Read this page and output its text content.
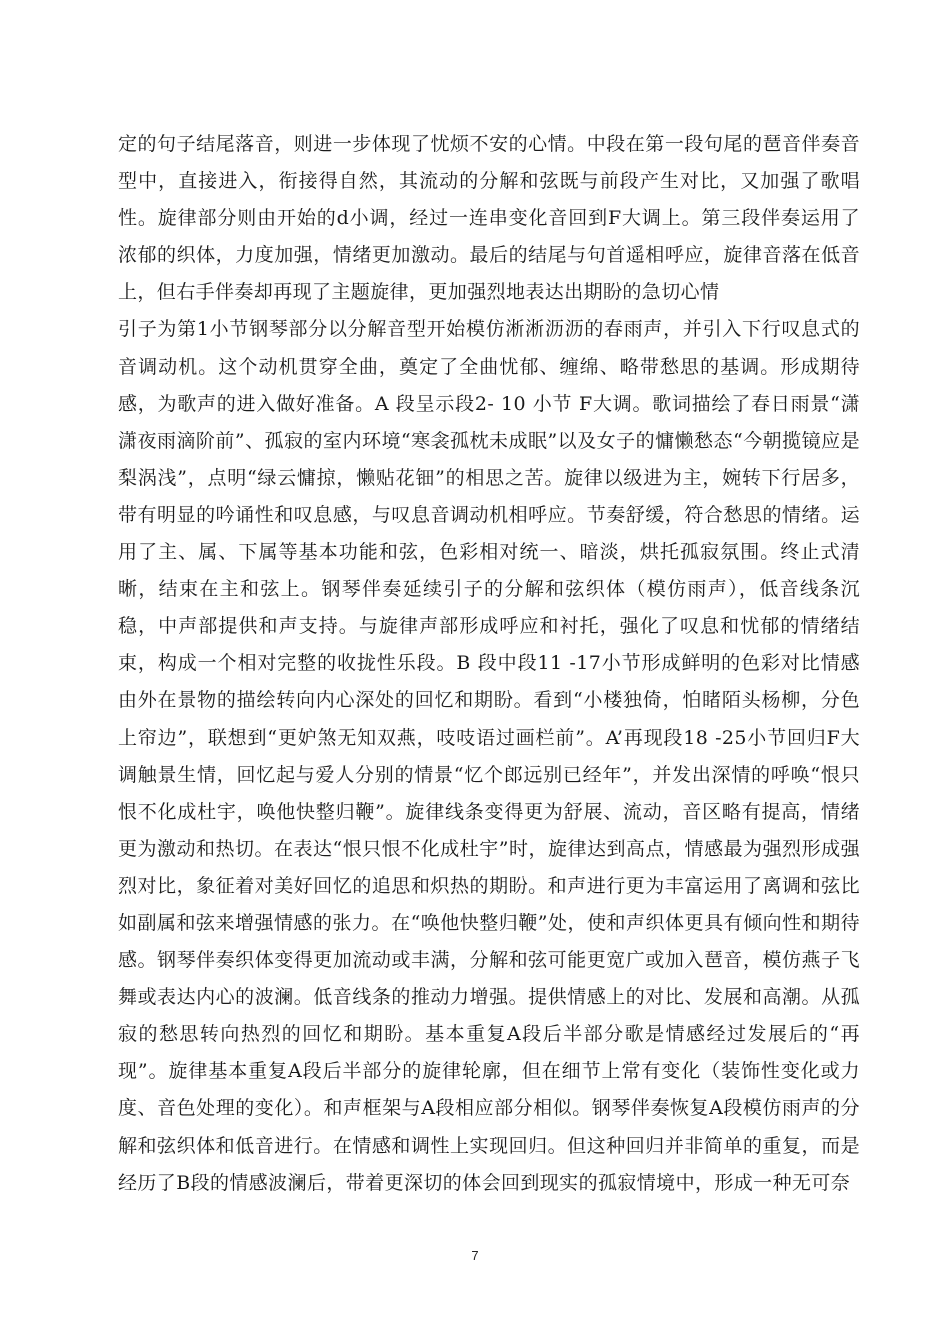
定的句子结尾落音，则进一步体现了忧烦不安的心情。中段在第一段句尾的琶音伴奏音型中，直接进入，衔接得自然，其流动的分解和弦既与前段产生对比，又加强了歌唱性。旋律部分则由开始的d小调，经过一连串变化音回到F大调上。第三段伴奏运用了浓郁的织体，力度加强，情绪更加激动。最后的结尾与句首遥相呼应，旋律音落在低音上，但右手伴奏却再现了主题旋律，更加强烈地表达出期盼的急切心情

引子为第1小节钢琴部分以分解音型开始模仿淅淅沥沥的春雨声，并引入下行叹息式的音调动机。这个动机贯穿全曲，奠定了全曲忧郁、缠绵、略带愁思的基调。形成期待感，为歌声的进入做好准备。A 段呈示段2- 10 小节 F大调。歌词描绘了春日雨景“潇潇夜雨滴阶前”、孤寂的室内环境“寒衾孤枕未成眠”以及女子的慵懒愁态“今朝揽镜应是梨涡浅”，点明“绿云慵掠，懒贴花钿”的相思之苦。旋律以级进为主，婉转下行居多，带有明显的吟诵性和叹息感，与叹息音调动机相呼应。节奏舒缓，符合愁思的情绪。运用了主、属、下属等基本功能和弦，色彩相对统一、暗淡，烘托孤寂氛围。终止式清晰，结束在主和弦上。钢琴伴奏延续引子的分解和弦织体（模仿雨声），低音线条沉稳，中声部提供和声支持。与旋律声部形成呼应和衬托，强化了叹息和忧郁的情绪结束，构成一个相对完整的收拢性乐段。B 段中段11 -17小节形成鲜明的色彩对比情感由外在景物的描绘转向内心深处的回忆和期盼。看到“小楼独倚，怕睹陌头杨柳，分色上帘边”，联想到“更妒煞无知双燕，吱吱语过画栏前”。A’再现段18 -25小节回归F大调触景生情，回忆起与爱人分别的情景“忆个郎远别已经年”，并发出深情的呼唤“恨只恨不化成杜宇，唤他快整归鞭”。旋律线条变得更为舒展、流动，音区略有提高，情绪更为激动和热切。在表达“恨只恨不化成杜宇”时，旋律达到高点，情感最为强烈形成强烈对比，象征着对美好回忆的追思和炽热的期盼。和声进行更为丰富运用了离调和弦比如副属和弦来增强情感的张力。在“唤他快整归鞭”处，使和声织体更具有倾向性和期待感。钢琴伴奏织体变得更加流动或丰满，分解和弦可能更宽广或加入琶音，模仿燕子飞舞或表达内心的波澜。低音线条的推动力增强。提供情感上的对比、发展和高潮。从孤寂的愁思转向热烈的回忆和期盼。基本重复A段后半部分歌是情感经过发展后的“再现”。旋律基本重复A段后半部分的旋律轮廓，但在细节上常有变化（装饰性变化或力度、音色处理的变化）。和声框架与A段相应部分相似。钢琴伴奏恢复A段模仿雨声的分解和弦织体和低音进行。在情感和调性上实现回归。但这种回归并非简单的重复，而是经历了B段的情感波澜后，带着更深切的体会回到现实的孤寂情境中，形成一种无可奈

7
